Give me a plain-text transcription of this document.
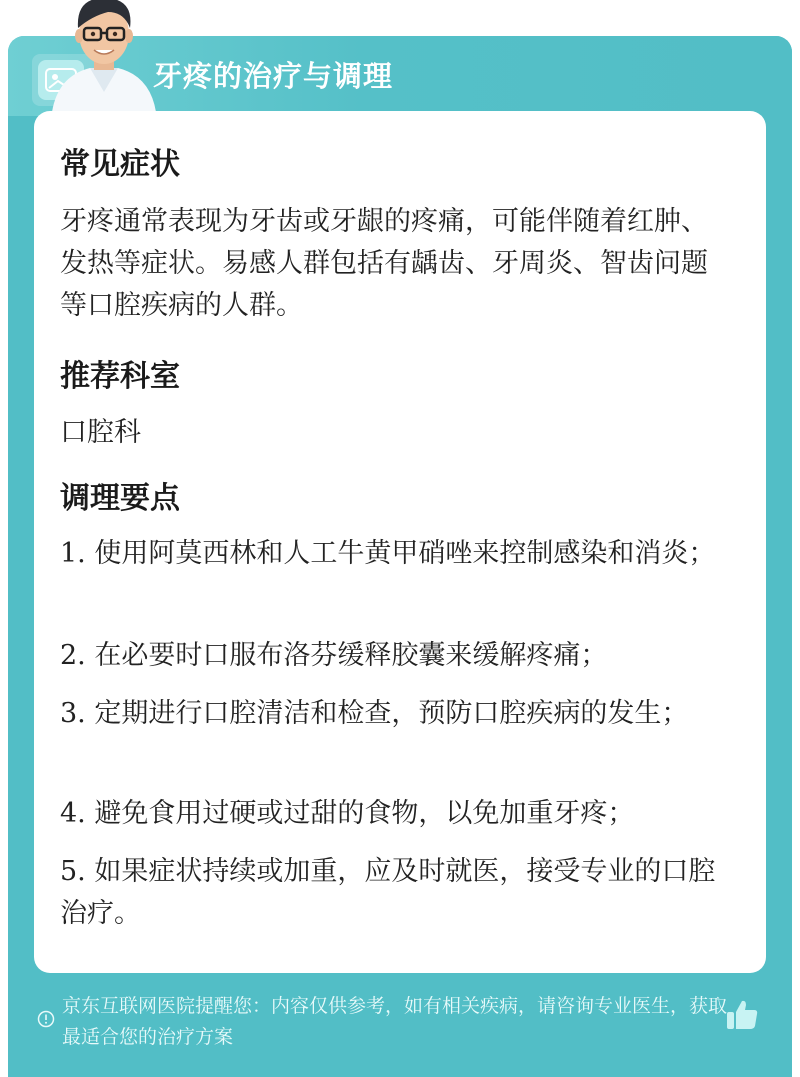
牙疼的治疗与调理
常见症状
牙疼通常表现为牙齿或牙龈的疼痛，可能伴随着红肿、发热等症状。易感人群包括有龋齿、牙周炎、智齿问题等口腔疾病的人群。
推荐科室
口腔科
调理要点
1. 使用阿莫西林和人工牛黄甲硝唑来控制感染和消炎；
2. 在必要时口服布洛芬缓释胶囊来缓解疼痛；
3. 定期进行口腔清洁和检查，预防口腔疾病的发生；
4. 避免食用过硬或过甜的食物，以免加重牙疼；
5. 如果症状持续或加重，应及时就医，接受专业的口腔治疗。
京东互联网医院提醒您：内容仅供参考，如有相关疾病，请咨询专业医生，获取最适合您的治疗方案
